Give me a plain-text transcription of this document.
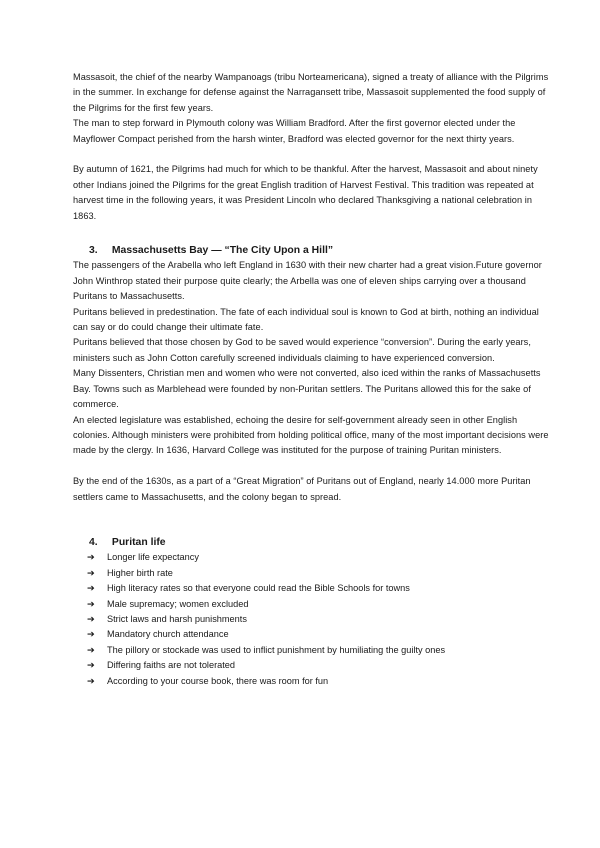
Massasoit, the chief of the nearby Wampanoags (tribu Norteamericana), signed a treaty of alliance with the Pilgrims in the summer. In exchange for defense against the Narragansett tribe, Massasoit supplemented the food supply of the Pilgrims for the first few years.

The man to step forward in Plymouth colony was William Bradford. After the first governor elected under the Mayflower Compact perished from the harsh winter, Bradford was elected governor for the next thirty years.

By autumn of 1621, the Pilgrims had much for which to be thankful. After the harvest, Massasoit and about ninety other Indians joined the Pilgrims for the great English tradition of Harvest Festival. This tradition was repeated at harvest time in the following years, it was President Lincoln who declared Thanksgiving a national celebration in 1863.

3. Massachusetts Bay — “The City Upon a Hill”

The passengers of the Arabella who left England in 1630 with their new charter had a great vision.Future governor John Winthrop stated their purpose quite clearly; the Arbella was one of eleven ships carrying over a thousand Puritans to Massachusetts.

Puritans believed in predestination. The fate of each individual soul is known to God at birth, nothing an individual can say or do could change their ultimate fate.

Puritans believed that those chosen by God to be saved would experience “conversion”. During the early years, ministers such as John Cotton carefully screened individuals claiming to have experienced conversion.

Many Dissenters, Christian men and women who were not converted, also iced within the ranks of Massachusetts Bay. Towns such as Marblehead were founded by non-Puritan settlers. The Puritans allowed this for the sake of commerce.

An elected legislature was established, echoing the desire for self-government already seen in other English colonies. Although ministers were prohibited from holding political office, many of the most important decisions were made by the clergy. In 1636, Harvard College was instituted for the purpose of training Puritan ministers.

By the end of the 1630s, as a part of a “Great Migration” of Puritans out of England, nearly 14.000 more Puritan settlers came to Massachusetts, and the colony began to spread.

4. Puritan life
➔	Longer life expectancy
➔	Higher birth rate
➔	High literacy rates so that everyone could read the Bible Schools for towns
➔	Male supremacy; women excluded
➔	Strict laws and harsh punishments
➔	Mandatory church attendance
➔	The pillory or stockade was used to inflict punishment by humiliating the guilty ones
➔	Differing faiths are not tolerated
➔	According to your course book, there was room for fun
